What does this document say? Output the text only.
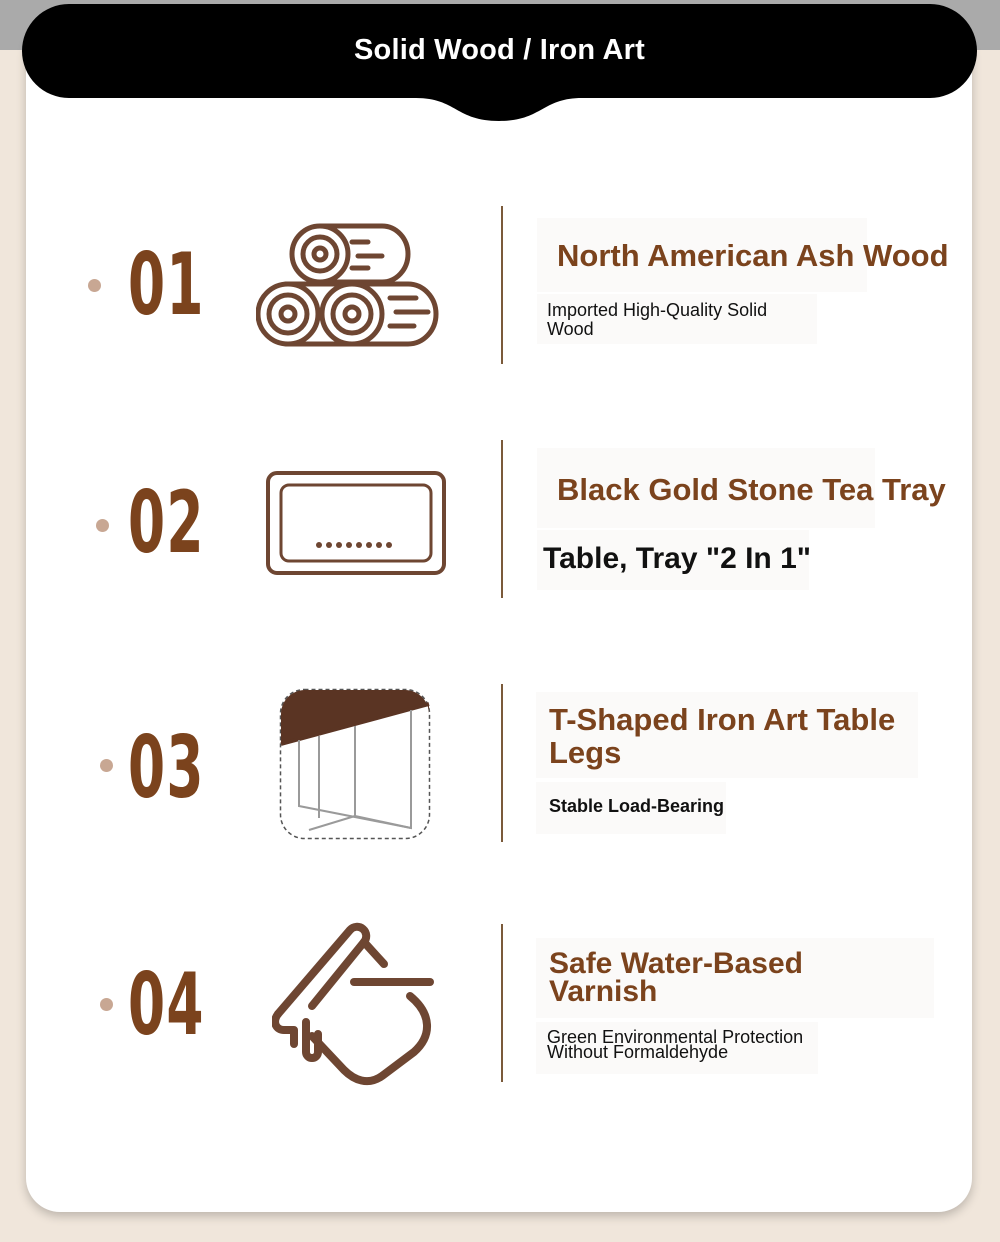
Solid Wood / Iron Art
01	North American Ash Wood
Imported High-Quality Solid Wood
02	Black Gold Stone Tea Tray
Table, Tray "2 In 1"
03	T-Shaped Iron Art Table Legs
Stable Load-Bearing
04	Safe Water-Based Varnish
Green Environmental Protection Without Formaldehyde
